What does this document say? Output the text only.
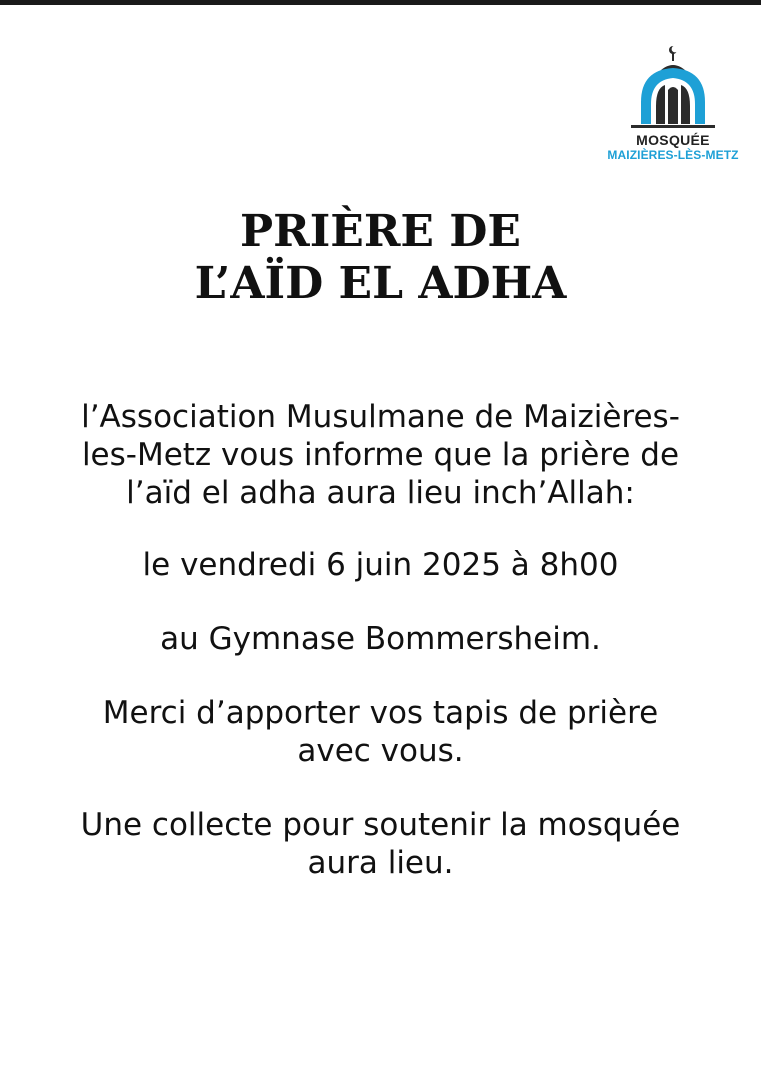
MOSQUÉE
MAIZIÈRES-LÈS-METZ
PRIÈRE DE
L’AÏD EL ADHA

l’Association Musulmane de Maizières-
les-Metz vous informe que la prière de
l’aïd el adha aura lieu inch’Allah:

le vendredi 6 juin 2025 à 8h00

au Gymnase Bommersheim.

Merci d’apporter vos tapis de prière
avec vous.

Une collecte pour soutenir la mosquée
aura lieu.
